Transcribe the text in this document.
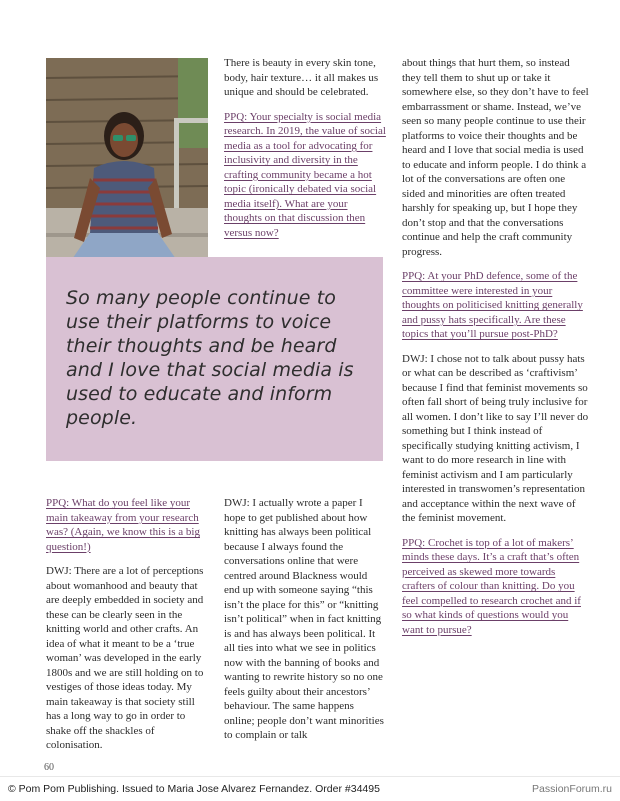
So many people continue to use their platforms to voice their thoughts and be heard and I love that social media is used to educate and inform people.

There is beauty in every skin tone, body, hair texture… it all makes us unique and should be celebrated.

PPQ: Your specialty is social media research. In 2019, the value of social media as a tool for advocating for inclusivity and diversity in the crafting community became a hot topic (ironically debated via social media itself). What are your thoughts on that discussion then versus now?

about things that hurt them, so instead they tell them to shut up or take it somewhere else, so they don’t have to feel embarrassment or shame. Instead, we’ve seen so many people continue to use their platforms to voice their thoughts and be heard and I love that social media is used to educate and inform people. I do think a lot of the conversations are often one sided and minorities are often treated harshly for speaking up, but I hope they don’t stop and that the conversations continue and help the craft community progress.

PPQ: At your PhD defence, some of the committee were interested in your thoughts on politicised knitting generally and pussy hats specifically. Are these topics that you’ll pursue post-PhD?

DWJ: I chose not to talk about pussy hats or what can be described as ‘craftivism’ because I find that feminist movements so often fall short of being truly inclusive for all women. I don’t like to say I’ll never do something but I think instead of specifically studying knitting activism, I want to do more research in line with feminist activism and I am particularly interested in transwomen’s representation and acceptance within the next wave of the feminist movement.

PPQ: Crochet is top of a lot of makers’ minds these days. It’s a craft that’s often perceived as skewed more towards crafters of colour than knitting. Do you feel compelled to research crochet and if so what kinds of questions would you want to pursue?

PPQ: What do you feel like your main takeaway from your research was? (Again, we know this is a big question!)

DWJ: There are a lot of perceptions about womanhood and beauty that are deeply embedded in society and these can be clearly seen in the knitting world and other crafts. An idea of what it meant to be a ‘true woman’ was developed in the early 1800s and we are still holding on to vestiges of those ideas today. My main takeaway is that society still has a long way to go in order to shake off the shackles of colonisation.

DWJ: I actually wrote a paper I hope to get published about how knitting has always been political because I always found the conversations online that were centred around Blackness would end up with someone saying “this isn’t the place for this” or “knitting isn’t political” when in fact knitting is and has always been political. It all ties into what we see in politics now with the banning of books and wanting to rewrite history so no one feels guilty about their ancestors’ behaviour. The same happens online; people don’t want minorities to complain or talk

60
© Pom Pom Publishing. Issued to Maria Jose Alvarez Fernandez. Order #34495	PassionForum.ru
